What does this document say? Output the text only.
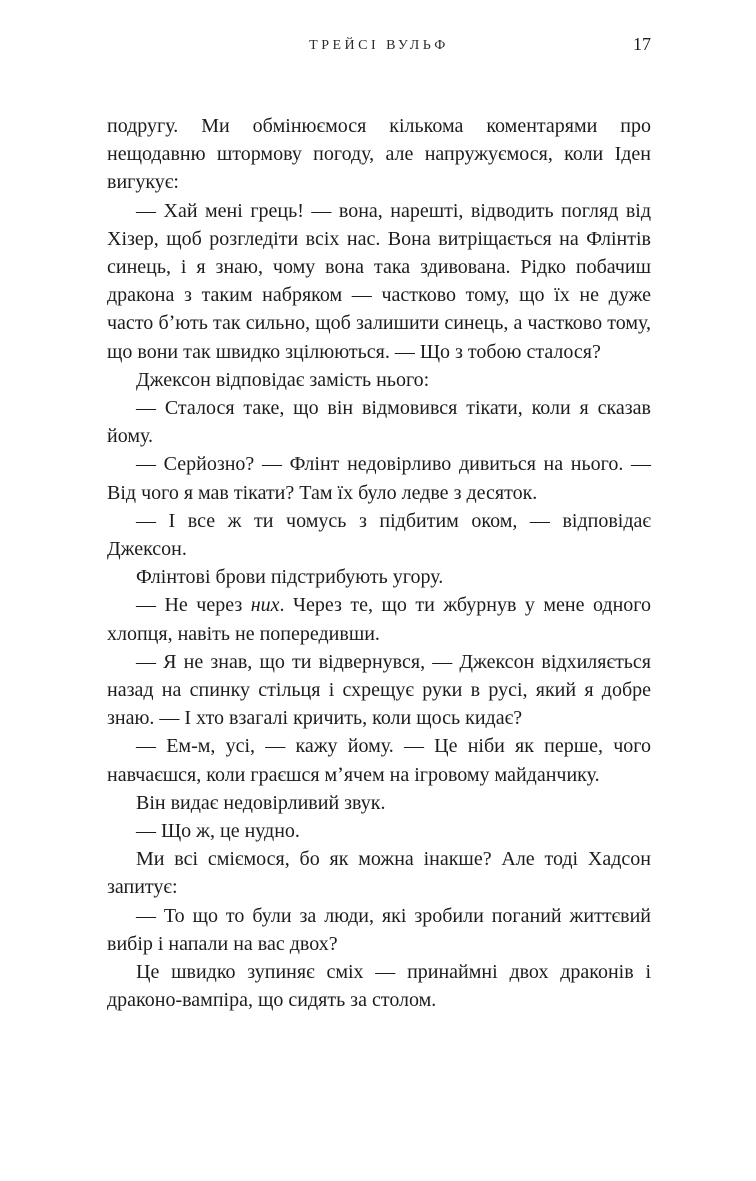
ТРЕЙСІ ВУЛЬФ	17

подругу. Ми обмінюємося кількома коментарями про нещодавню штормову погоду, але напружуємося, коли Іден вигукує:

— Хай мені грець! — вона, нарешті, відводить погляд від Хізер, щоб розгледіти всіх нас. Вона витріщається на Флінтів синець, і я знаю, чому вона така здивована. Рідко побачиш дракона з таким набряком — частково тому, що їх не дуже часто бʼють так сильно, щоб залишити синець, а частково тому, що вони так швидко зцілюються. — Що з тобою сталося?

Джексон відповідає замість нього:

— Сталося таке, що він відмовився тікати, коли я сказав йому.

— Серйозно? — Флінт недовірливо дивиться на нього. — Від чого я мав тікати? Там їх було ледве з десяток.

— І все ж ти чомусь з підбитим оком, — відповідає Джексон.

Флінтові брови підстрибують угору.

— Не через них. Через те, що ти жбурнув у мене одного хлопця, навіть не попередивши.

— Я не знав, що ти відвернувся, — Джексон відхиляється назад на спинку стільця і схрещує руки в русі, який я добре знаю. — І хто взагалі кричить, коли щось кидає?

— Ем-м, усі, — кажу йому. — Це ніби як перше, чого навчаєшся, коли граєшся мʼячем на ігровому майданчику.

Він видає недовірливий звук.

— Що ж, це нудно.

Ми всі сміємося, бо як можна інакше? Але тоді Хадсон запитує:

— То що то були за люди, які зробили поганий життєвий вибір і напали на вас двох?

Це швидко зупиняє сміх — принаймні двох драконів і драконо-вампіра, що сидять за столом.
